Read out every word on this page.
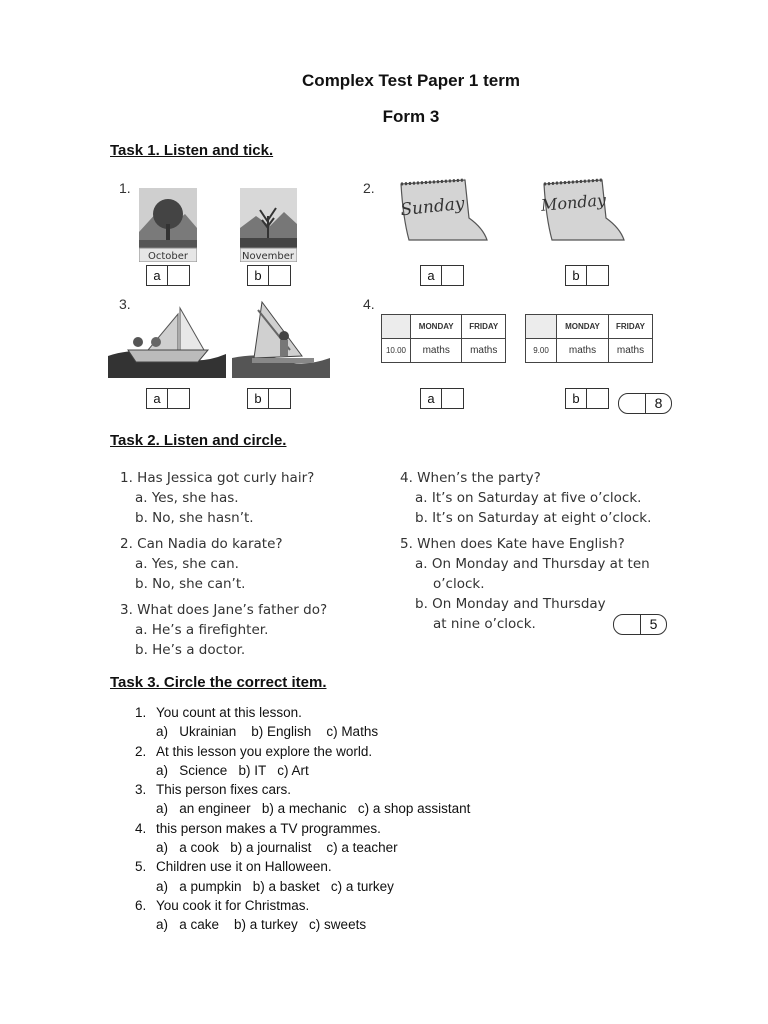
Complex Test Paper 1 term
Form 3
Task 1. Listen and tick.
1.
October	November
a	b
2.
Sunday	Monday
a	b
3.
a	b
4.
	MONDAY	FRIDAY
10.00	maths	maths
	MONDAY	FRIDAY
9.00	maths	maths
a	b	8
Task 2. Listen and circle.
1. Has Jessica got curly hair?
a. Yes, she has.
b. No, she hasn’t.
2. Can Nadia do karate?
a. Yes, she can.
b. No, she can’t.
3. What does Jane’s father do?
a. He’s a firefighter.
b. He’s a doctor.
4. When’s the party?
a. It’s on Saturday at five o’clock.
b. It’s on Saturday at eight o’clock.
5. When does Kate have English?
a. On Monday and Thursday at ten
o’clock.
b. On Monday and Thursday
at nine o’clock.	5
Task 3. Circle the correct item.
1. You count at this lesson.
a)   Ukrainian    b) English    c) Maths
2. At this lesson you explore the world.
a)   Science   b) IT   c) Art
3. This person fixes cars.
a)   an engineer   b) a mechanic   c) a shop assistant
4. this person makes a TV programmes.
a)   a cook   b) a journalist    c) a teacher
5. Children use it on Halloween.
a)   a pumpkin   b) a basket   c) a turkey
6. You cook it for Christmas.
a)   a cake    b) a turkey   c) sweets
